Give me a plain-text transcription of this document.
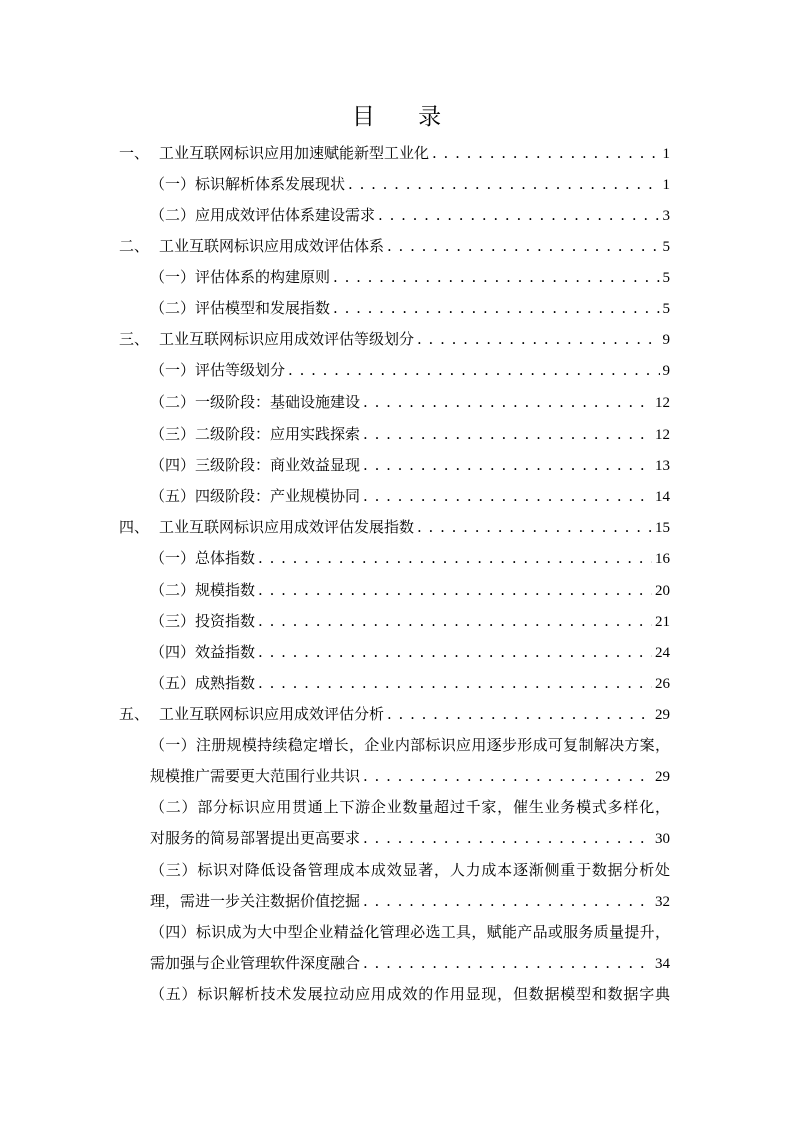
目 录
一、 工业互联网标识应用加速赋能新型工业化 . . .	1
（一） 标识解析体系发展现状 . . .	1
（二） 应用成效评估体系建设需求 . . .	3
二、 工业互联网标识应用成效评估体系 . . .	5
（一） 评估体系的构建原则 . . .	5
（二） 评估模型和发展指数 . . .	5
三、 工业互联网标识应用成效评估等级划分 . . .	9
（一） 评估等级划分 . . .	9
（二） 一级阶段：基础设施建设 . . .	12
（三） 二级阶段：应用实践探索 . . .	12
（四） 三级阶段：商业效益显现 . . .	13
（五） 四级阶段：产业规模协同 . . .	14
四、 工业互联网标识应用成效评估发展指数 . . .	15
（一） 总体指数 . . .	16
（二） 规模指数 . . .	20
（三） 投资指数 . . .	21
（四） 效益指数 . . .	24
（五） 成熟指数 . . .	26
五、 工业互联网标识应用成效评估分析 . . .	29
（一）注册规模持续稳定增长，企业内部标识应用逐步形成可复制解决方案，
规模推广需要更大范围行业共识 . . .	29
（二）部分标识应用贯通上下游企业数量超过千家，催生业务模式多样化，
对服务的简易部署提出更高要求 . . .	30
（三）标识对降低设备管理成本成效显著，人力成本逐渐侧重于数据分析处
理，需进一步关注数据价值挖掘 . . .	32
（四）标识成为大中型企业精益化管理必选工具，赋能产品或服务质量提升，
需加强与企业管理软件深度融合 . . .	34
（五）标识解析技术发展拉动应用成效的作用显现，但数据模型和数据字典
